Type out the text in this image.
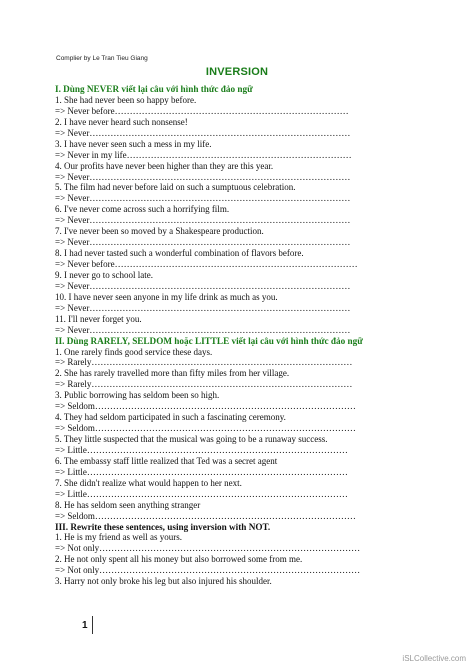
Complier by Le Tran Tieu Giang
INVERSION
I. Dùng NEVER viết lại câu với hình thức đảo ngữ
1. She had never been so happy before.
=> Never before……………………………………………………………………
2. I have never heard such nonsense!
=> Never……………………………………………………………………………
3. I have never seen such a mess in my life.
=> Never in my life…………………………………………………………………
4. Our profits have never been higher than they are this year.
=> Never……………………………………………………………………………
5. The film had never before laid on such a sumptuous celebration.
=> Never……………………………………………………………………………
6. I've never come across such a horrifying film.
=> Never……………………………………………………………………………
7. I've never been so moved by a Shakespeare production.
=> Never……………………………………………………………………………
8. I had never tasted such a wonderful combination of flavors before.
=> Never before………………………………………………………………………
9. I never go to school late.
=> Never……………………………………………………………………………
10. I have never seen anyone in my life drink as much as you.
=> Never……………………………………………………………………………
11. I'll never forget you.
=> Never……………………………………………………………………………
II. Dùng RARELY, SELDOM hoặc LITTLE viết lại câu với hình thức đảo ngữ
1. One rarely finds good service these days.
=> Rarely……………………………………………………………………………
2. She has rarely travelled more than fifty miles from her village.
=> Rarely……………………………………………………………………………
3. Public borrowing has seldom been so high.
=> Seldom……………………………………………………………………………
4. They had seldom participated in such a fascinating ceremony.
=> Seldom……………………………………………………………………………
5. They little suspected that the musical was going to be a runaway success.
=> Little……………………………………………………………………………
6. The embassy staff little realized that Ted was a secret agent
=> Little……………………………………………………………………………
7. She didn't realize what would happen to her next.
=> Little……………………………………………………………………………
8. He has seldom seen anything stranger
=> Seldom……………………………………………………………………………
III. Rewrite these sentences, using inversion with NOT.
1. He is my friend as well as yours.
=> Not only……………………………………………………………………………
2. He not only spent all his money but also borrowed some from me.
=> Not only……………………………………………………………………………
3. Harry not only broke his leg but also injured his shoulder.
1
iSLCollective.com
